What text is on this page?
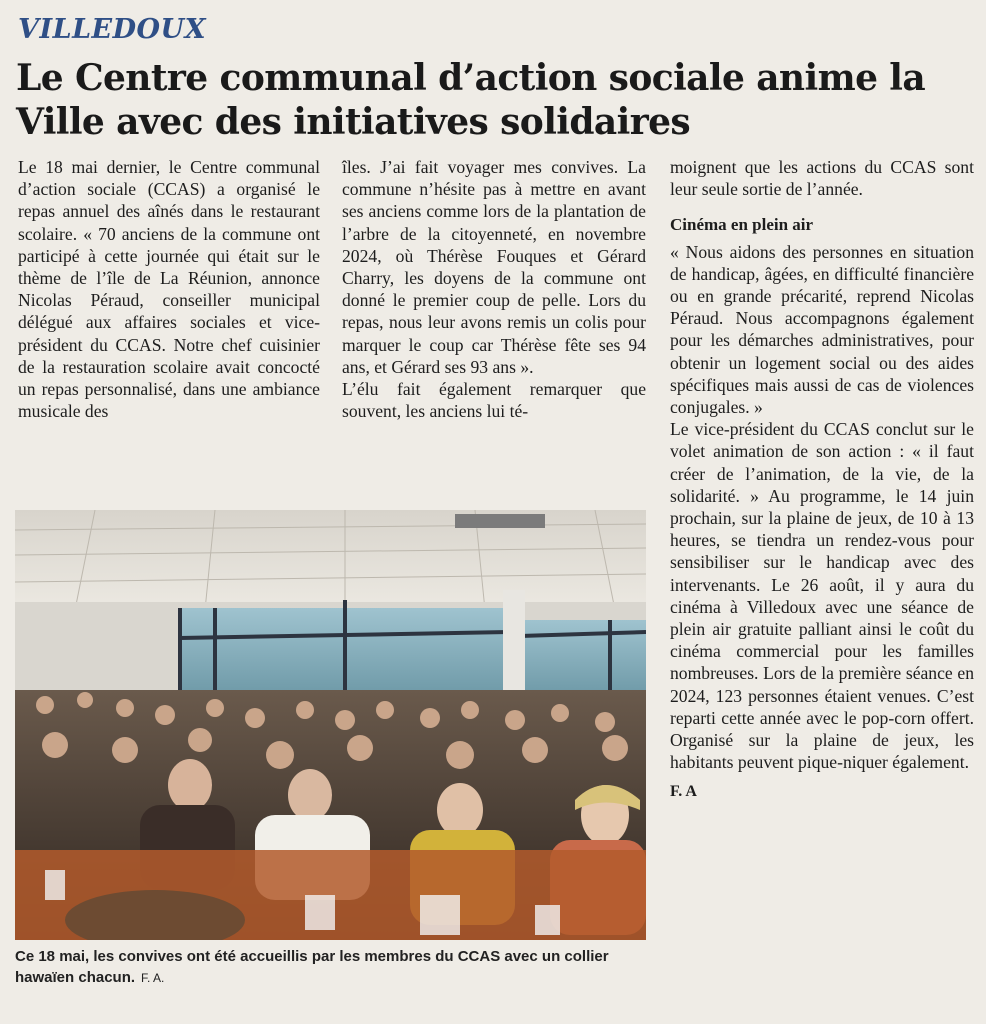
VILLEDOUX
Le Centre communal d’action sociale anime la Ville avec des initiatives solidaires

Le 18 mai dernier, le Centre communal d’action sociale (CCAS) a organisé le repas annuel des aînés dans le restaurant scolaire. « 70 anciens de la commune ont participé à cette journée qui était sur le thème de l’île de La Réunion, annonce Nicolas Péraud, conseiller municipal délégué aux affaires sociales et vice-président du CCAS. Notre chef cuisinier de la restauration scolaire avait concocté un repas personnalisé, dans une ambiance musicale des

îles. J’ai fait voyager mes convives. La commune n’hésite pas à mettre en avant ses anciens comme lors de la plantation de l’arbre de la citoyenneté, en novembre 2024, où Thérèse Fouques et Gérard Charry, les doyens de la commune ont donné le premier coup de pelle. Lors du repas, nous leur avons remis un colis pour marquer le coup car Thérèse fête ses 94 ans, et Gérard ses 93 ans ».

L’élu fait également remarquer que souvent, les anciens lui té-

moignent que les actions du CCAS sont leur seule sortie de l’année.

Cinéma en plein air

« Nous aidons des personnes en situation de handicap, âgées, en difficulté financière ou en grande précarité, reprend Nicolas Péraud. Nous accompagnons également pour les démarches administratives, pour obtenir un logement social ou des aides spécifiques mais aussi de cas de violences conjugales. »

Le vice-président du CCAS conclut sur le volet animation de son action : « il faut créer de l’animation, de la vie, de la solidarité. » Au programme, le 14 juin prochain, sur la plaine de jeux, de 10 à 13 heures, se tiendra un rendez-vous pour sensibiliser sur le handicap avec des intervenants. Le 26 août, il y aura du cinéma à Villedoux avec une séance de plein air gratuite palliant ainsi le coût du cinéma commercial pour les familles nombreuses. Lors de la première séance en 2024, 123 personnes étaient venues. C’est reparti cette année avec le pop-corn offert. Organisé sur la plaine de jeux, les habitants peuvent pique-niquer également.

F. A
Ce 18 mai, les convives ont été accueillis par les membres du CCAS avec un collier hawaïen chacun. F. A.
